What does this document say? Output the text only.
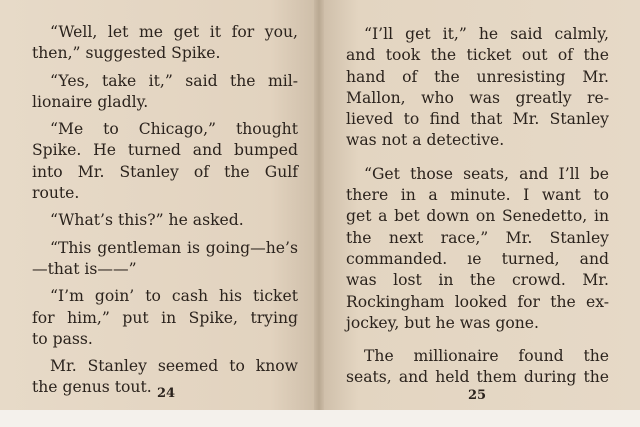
“Well, let me get it for you,
then,” suggested Spike.
“Yes, take it,” said the mil-
lionaire gladly.
“Me to Chicago,” thought
Spike. He turned and bumped
into Mr. Stanley of the Gulf
route.
“What’s this?” he asked.
“This gentleman is going—he’s
—that is——”
“I’m goin’ to cash his ticket
for him,” put in Spike, trying
to pass.
Mr. Stanley seemed to know
the genus tout. 24
“I’ll get it,” he said calmly,
and took the ticket out of the
hand of the unresisting Mr.
Mallon, who was greatly re-
lieved to find that Mr. Stanley
was not a detective.
“Get those seats, and I’ll be
there in a minute. I want to
get a bet down on Senedetto, in
the next race,” Mr. Stanley
commanded. ıe turned, and
was lost in the crowd. Mr.
Rockingham looked for the ex-
jockey, but he was gone.
The millionaire found the
seats, and held them during the
25
